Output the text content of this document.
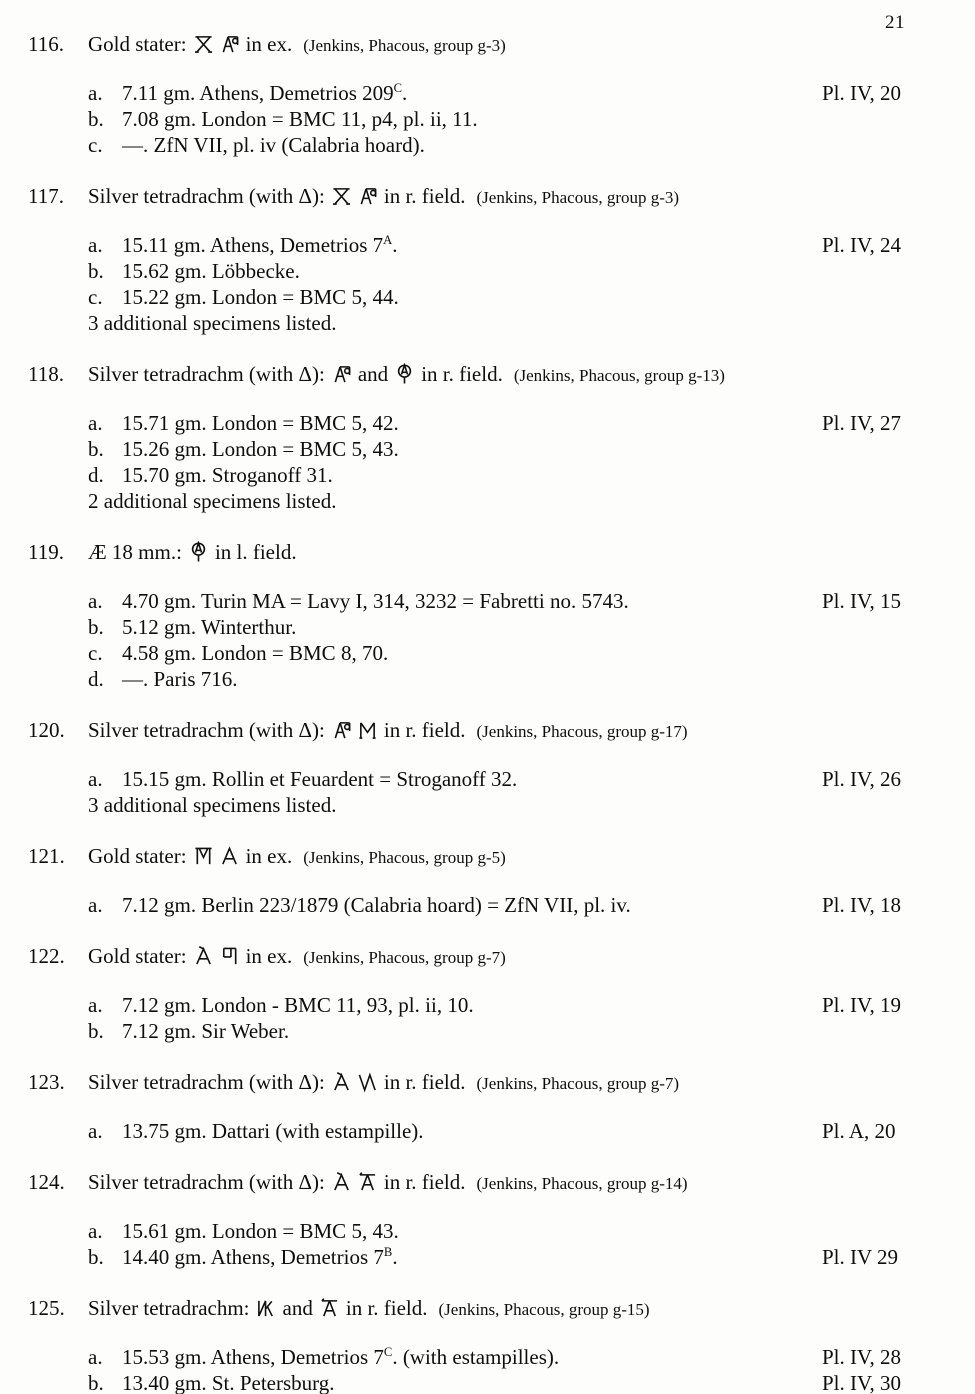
21
116. Gold stater:	in ex. (Jenkins, Phacous, group g-3)
a. 7.11 gm. Athens, Demetrios $209^C$.	Pl. IV, 20
b. 7.08 gm. London = BMC 11, p4, pl. ii, 11.
c. —. ZfN VII, pl. iv (Calabria hoard).
117. Silver tetradrachm (with Δ):	in r. field. (Jenkins, Phacous, group g-3)
a. 15.11 gm. Athens, Demetrios $7^A$.	Pl. IV, 24
b. 15.62 gm. Löbbecke.
c. 15.22 gm. London = BMC 5, 44.
3 additional specimens listed.
118. Silver tetradrachm (with Δ): and in r. field. (Jenkins, Phacous, group g-13)
a. 15.71 gm. London = BMC 5, 42.	Pl. IV, 27
b. 15.26 gm. London = BMC 5, 43.
d. 15.70 gm. Stroganoff 31.
2 additional specimens listed.
119. Æ 18 mm.: in l. field.
a. 4.70 gm. Turin MA = Lavy I, 314, 3232 = Fabretti no. 5743.	Pl. IV, 15
b. 5.12 gm. Winterthur.
c. 4.58 gm. London = BMC 8, 70.
d. —. Paris 716.
120. Silver tetradrachm (with Δ):	in r. field. (Jenkins, Phacous, group g-17)
a. 15.15 gm. Rollin et Feuardent = Stroganoff 32.	Pl. IV, 26
3 additional specimens listed.
121. Gold stater:	in ex. (Jenkins, Phacous, group g-5)
a. 7.12 gm. Berlin 223/1879 (Calabria hoard) = ZfN VII, pl. iv.	Pl. IV, 18
122. Gold stater:	in ex. (Jenkins, Phacous, group g-7)
a. 7.12 gm. London - BMC 11, 93, pl. ii, 10.	Pl. IV, 19
b. 7.12 gm. Sir Weber.
123. Silver tetradrachm (with Δ):	in r. field. (Jenkins, Phacous, group g-7)
a. 13.75 gm. Dattari (with estampille).	Pl. A, 20
124. Silver tetradrachm (with Δ):	in r. field. (Jenkins, Phacous, group g-14)
a. 15.61 gm. London = BMC 5, 43.
b. 14.40 gm. Athens, Demetrios $7^B$.	Pl. IV 29
125. Silver tetradrachm: and in r. field. (Jenkins, Phacous, group g-15)
a. 15.53 gm. Athens, Demetrios $7^C$. (with estampilles).	Pl. IV, 28
b. 13.40 gm. St. Petersburg.	Pl. IV, 30
